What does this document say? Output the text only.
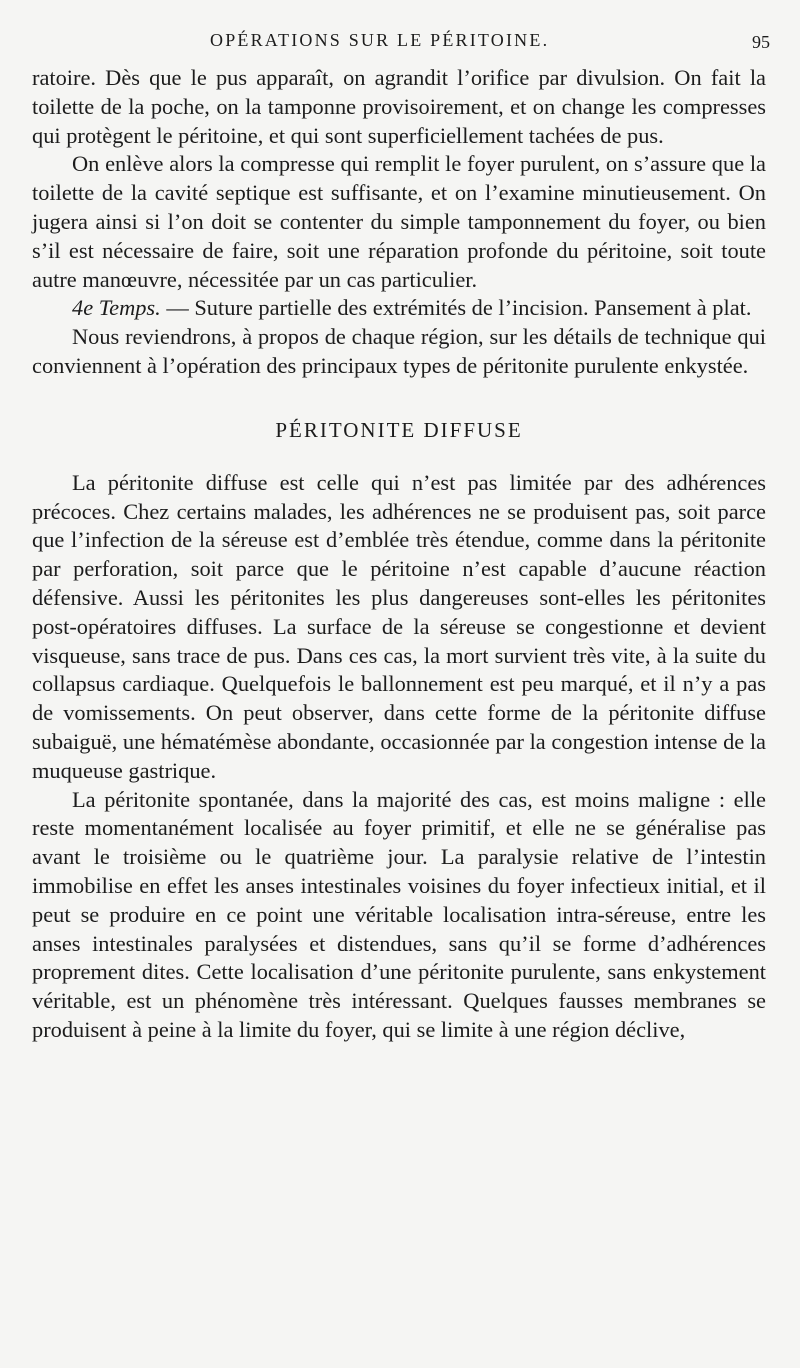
OPÉRATIONS SUR LE PÉRITOINE.	95

ratoire. Dès que le pus apparaît, on agrandit l’orifice par divulsion. On fait la toilette de la poche, on la tamponne provisoirement, et on change les compresses qui protègent le péritoine, et qui sont superficiellement tachées de pus.

On enlève alors la compresse qui remplit le foyer purulent, on s’assure que la toilette de la cavité septique est suffisante, et on l’examine minutieusement. On jugera ainsi si l’on doit se contenter du simple tamponnement du foyer, ou bien s’il est nécessaire de faire, soit une réparation profonde du péritoine, soit toute autre manœuvre, nécessitée par un cas particulier.

4e Temps. — Suture partielle des extrémités de l’incision. Pansement à plat.

Nous reviendrons, à propos de chaque région, sur les détails de technique qui conviennent à l’opération des principaux types de péritonite purulente enkystée.

PÉRITONITE DIFFUSE

La péritonite diffuse est celle qui n’est pas limitée par des adhérences précoces. Chez certains malades, les adhérences ne se produisent pas, soit parce que l’infection de la séreuse est d’emblée très étendue, comme dans la péritonite par perforation, soit parce que le péritoine n’est capable d’aucune réaction défensive. Aussi les péritonites les plus dangereuses sont-elles les péritonites post-opératoires diffuses. La surface de la séreuse se congestionne et devient visqueuse, sans trace de pus. Dans ces cas, la mort survient très vite, à la suite du collapsus cardiaque. Quelquefois le ballonnement est peu marqué, et il n’y a pas de vomissements. On peut observer, dans cette forme de la péritonite diffuse subaiguë, une hématémèse abondante, occasionnée par la congestion intense de la muqueuse gastrique.

La péritonite spontanée, dans la majorité des cas, est moins maligne : elle reste momentanément localisée au foyer primitif, et elle ne se généralise pas avant le troisième ou le quatrième jour. La paralysie relative de l’intestin immobilise en effet les anses intestinales voisines du foyer infectieux initial, et il peut se produire en ce point une véritable localisation intra-séreuse, entre les anses intestinales paralysées et distendues, sans qu’il se forme d’adhérences proprement dites. Cette localisation d’une péritonite purulente, sans enkystement véritable, est un phénomène très intéressant. Quelques fausses membranes se produisent à peine à la limite du foyer, qui se limite à une région déclive,
